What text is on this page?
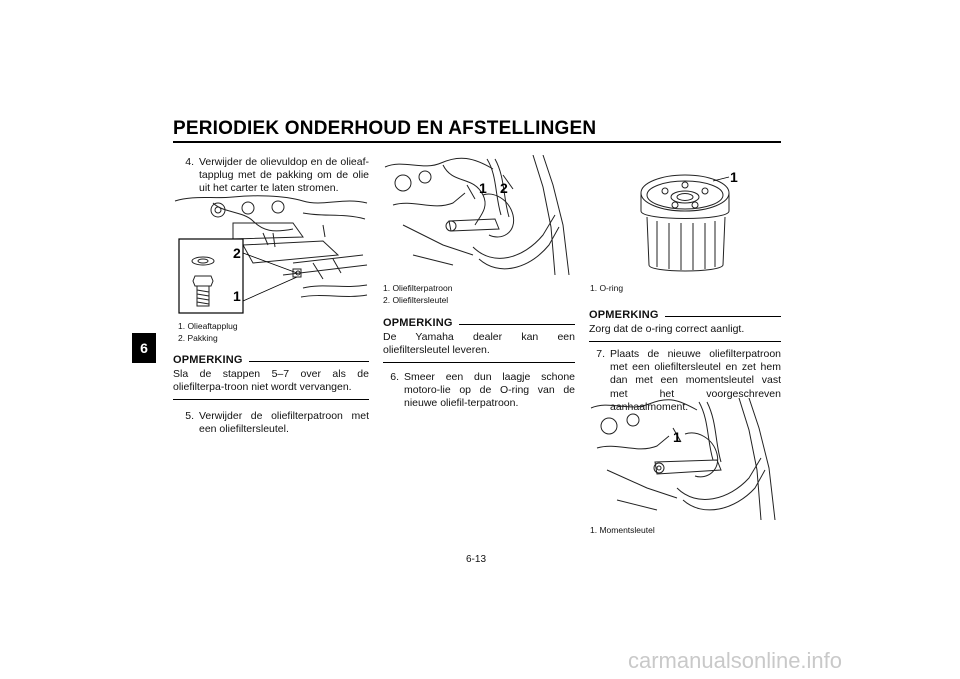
PERIODIEK ONDERHOUD EN AFSTELLINGEN
6
4. Verwijder de olievuldop en de olieaf-tapplug met de pakking om de olie uit het carter te laten stromen.
2
1
1. Olieaftapplug
2. Pakking
OPMERKING
Sla de stappen 5–7 over als de oliefilterpa-troon niet wordt vervangen.
5. Verwijder de oliefilterpatroon met een oliefiltersleutel.
1 2
1. Oliefilterpatroon
2. Oliefiltersleutel
OPMERKING
De Yamaha dealer kan een oliefiltersleutel leveren.
6. Smeer een dun laagje schone motoro-lie op de O-ring van de nieuwe oliefil-terpatroon.
1
1. O-ring
OPMERKING
Zorg dat de o-ring correct aanligt.
7. Plaats de nieuwe oliefilterpatroon met een oliefiltersleutel en zet hem dan met een momentsleutel vast met het voorgeschreven aanhaalmoment.
1
1. Momentsleutel
6-13
carmanualsonline.info
